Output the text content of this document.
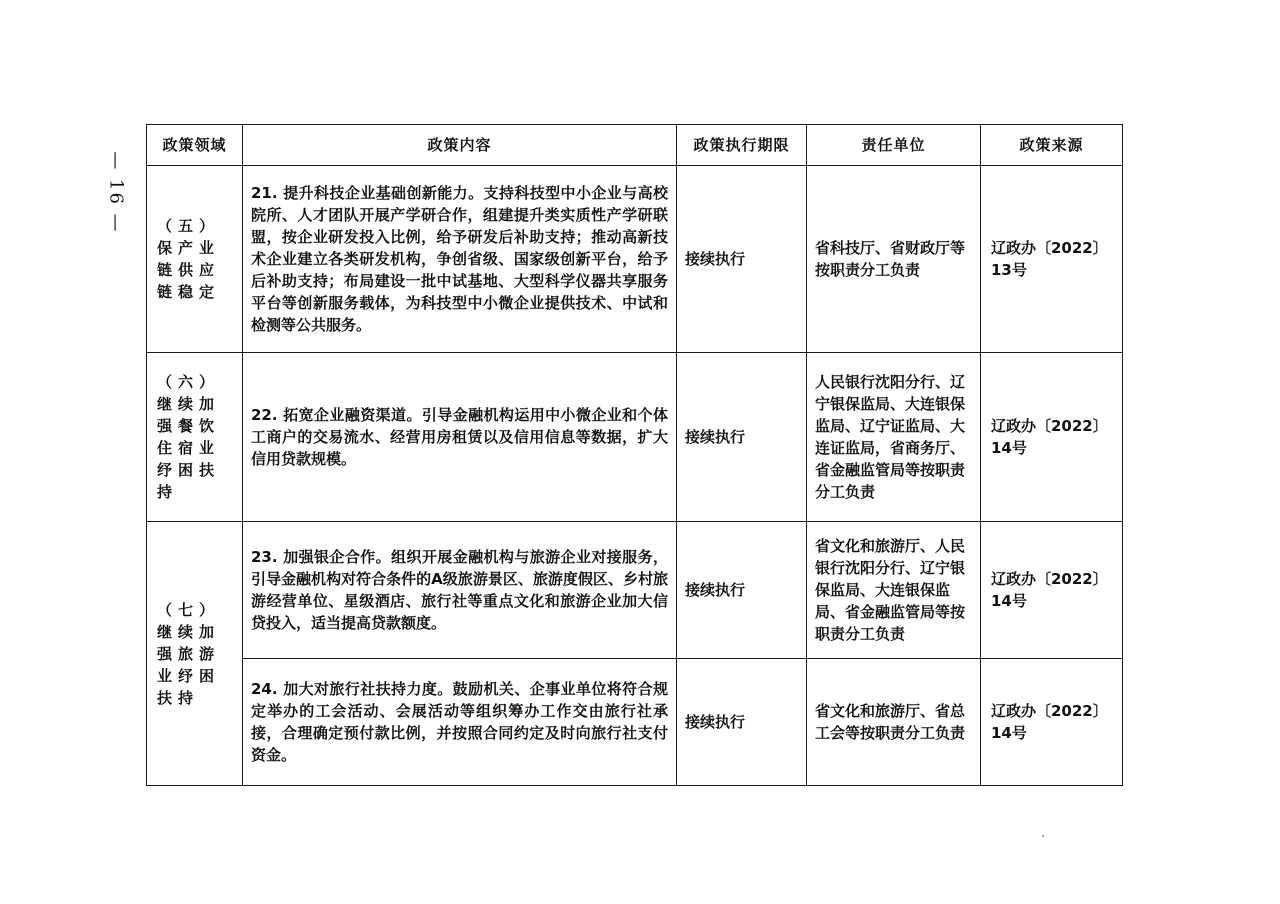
— 16 —
政策领域	政策内容	政策执行期限	责任单位	政策来源
（五）保产业链供应链稳定	21. 提升科技企业基础创新能力。支持科技型中小企业与高校院所、人才团队开展产学研合作，组建提升类实质性产学研联盟，按企业研发投入比例，给予研发后补助支持；推动高新技术企业建立各类研发机构，争创省级、国家级创新平台，给予后补助支持；布局建设一批中试基地、大型科学仪器共享服务平台等创新服务载体，为科技型中小微企业提供技术、中试和检测等公共服务。	接续执行	省科技厅、省财政厅等按职责分工负责	辽政办〔2022〕13号
（六）继续加强餐饮住宿业纾困扶持	22. 拓宽企业融资渠道。引导金融机构运用中小微企业和个体工商户的交易流水、经营用房租赁以及信用信息等数据，扩大信用贷款规模。	接续执行	人民银行沈阳分行、辽宁银保监局、大连银保监局、辽宁证监局、大连证监局，省商务厅、省金融监管局等按职责分工负责	辽政办〔2022〕14号
（七）继续加强旅游业纾困扶持	23. 加强银企合作。组织开展金融机构与旅游企业对接服务，引导金融机构对符合条件的A级旅游景区、旅游度假区、乡村旅游经营单位、星级酒店、旅行社等重点文化和旅游企业加大信贷投入，适当提高贷款额度。	接续执行	省文化和旅游厅、人民银行沈阳分行、辽宁银保监局、大连银保监局、省金融监管局等按职责分工负责	辽政办〔2022〕14号
	24. 加大对旅行社扶持力度。鼓励机关、企事业单位将符合规定举办的工会活动、会展活动等组织筹办工作交由旅行社承接，合理确定预付款比例，并按照合同约定及时向旅行社支付资金。	接续执行	省文化和旅游厅、省总工会等按职责分工负责	辽政办〔2022〕14号
